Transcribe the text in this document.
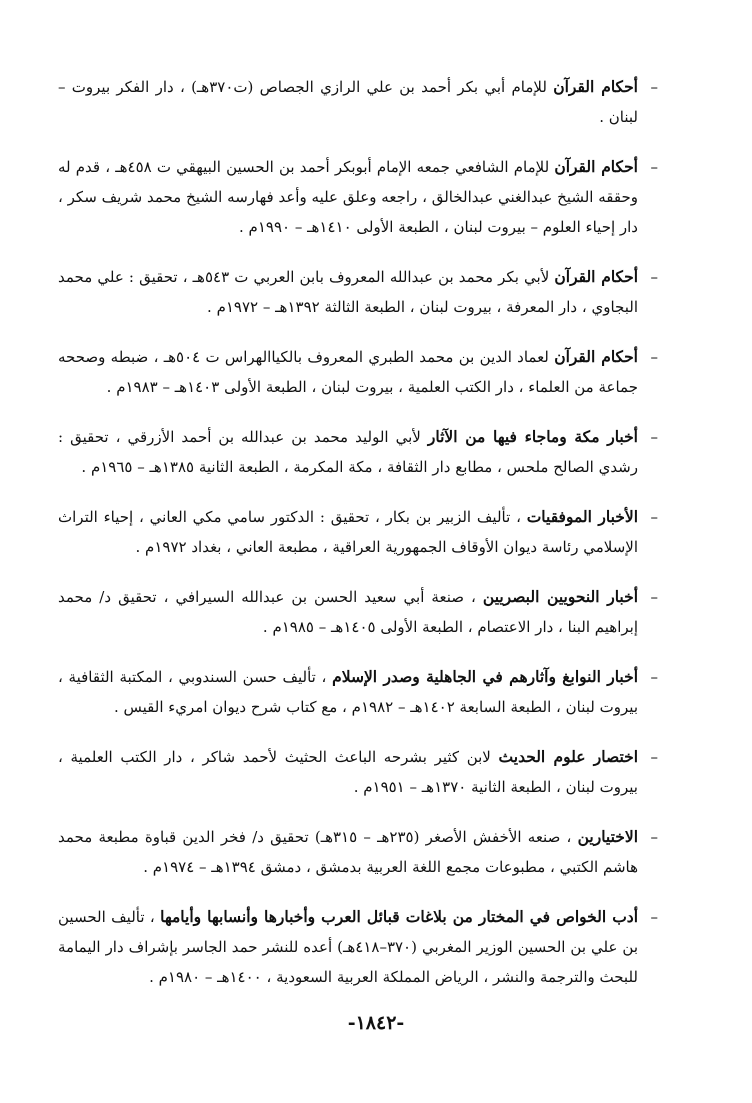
– أحكام القرآن للإمام أبي بكر أحمد بن علي الرازي الجصاص (ت٣٧٠هـ) ، دار الفكر بيروت – لبنان .

– أحكام القرآن للإمام الشافعي جمعه الإمام أبوبكر أحمد بن الحسين البيهقي ت ٤٥٨هـ ، قدم له وحققه الشيخ عبدالغني عبدالخالق ، راجعه وعلق عليه وأعد فهارسه الشيخ محمد شريف سكر ، دار إحياء العلوم – بيروت لبنان ، الطبعة الأولى ١٤١٠هـ – ١٩٩٠م .

– أحكام القرآن لأبي بكر محمد بن عبدالله المعروف بابن العربي ت ٥٤٣هـ ، تحقيق : علي محمد البجاوي ، دار المعرفة ، بيروت لبنان ، الطبعة الثالثة ١٣٩٢هـ – ١٩٧٢م .

– أحكام القرآن لعماد الدين بن محمد الطبري المعروف بالكياالهراس ت ٥٠٤هـ ، ضبطه وصححه جماعة من العلماء ، دار الكتب العلمية ، بيروت لبنان ، الطبعة الأولى ١٤٠٣هـ – ١٩٨٣م .

– أخبار مكة وماجاء فيها من الآثار لأبي الوليد محمد بن عبدالله بن أحمد الأزرقي ، تحقيق : رشدي الصالح ملحس ، مطابع دار الثقافة ، مكة المكرمة ، الطبعة الثانية ١٣٨٥هـ – ١٩٦٥م .

– الأخبار الموفقيات ، تأليف الزبير بن بكار ، تحقيق : الدكتور سامي مكي العاني ، إحياء التراث الإسلامي رئاسة ديوان الأوقاف الجمهورية العراقية ، مطبعة العاني ، بغداد ١٩٧٢م .

– أخبار النحويين البصريين ، صنعة أبي سعيد الحسن بن عبدالله السيرافي ، تحقيق د/ محمد إبراهيم البنا ، دار الاعتصام ، الطبعة الأولى ١٤٠٥هـ – ١٩٨٥م .

– أخبار النوابغ وآثارهم في الجاهلية وصدر الإسلام ، تأليف حسن السندوبي ، المكتبة الثقافية ، بيروت لبنان ، الطبعة السابعة ١٤٠٢هـ – ١٩٨٢م ، مع كتاب شرح ديوان امريء القيس .

– اختصار علوم الحديث لابن كثير بشرحه الباعث الحثيث لأحمد شاكر ، دار الكتب العلمية ، بيروت لبنان ، الطبعة الثانية ١٣٧٠هـ – ١٩٥١م .

– الاختيارين ، صنعه الأخفش الأصغر (٢٣٥هـ – ٣١٥هـ) تحقيق د/ فخر الدين قباوة مطبعة محمد هاشم الكتبي ، مطبوعات مجمع اللغة العربية بدمشق ، دمشق ١٣٩٤هـ – ١٩٧٤م .

– أدب الخواص في المختار من بلاغات قبائل العرب وأخبارها وأنسابها وأيامها ، تأليف الحسين بن علي بن الحسين الوزير المغربي (٣٧٠–٤١٨هـ) أعده للنشر حمد الجاسر بإشراف دار اليمامة للبحث والترجمة والنشر ، الرياض المملكة العربية السعودية ، ١٤٠٠هـ – ١٩٨٠م .

-١٨٤٢-
